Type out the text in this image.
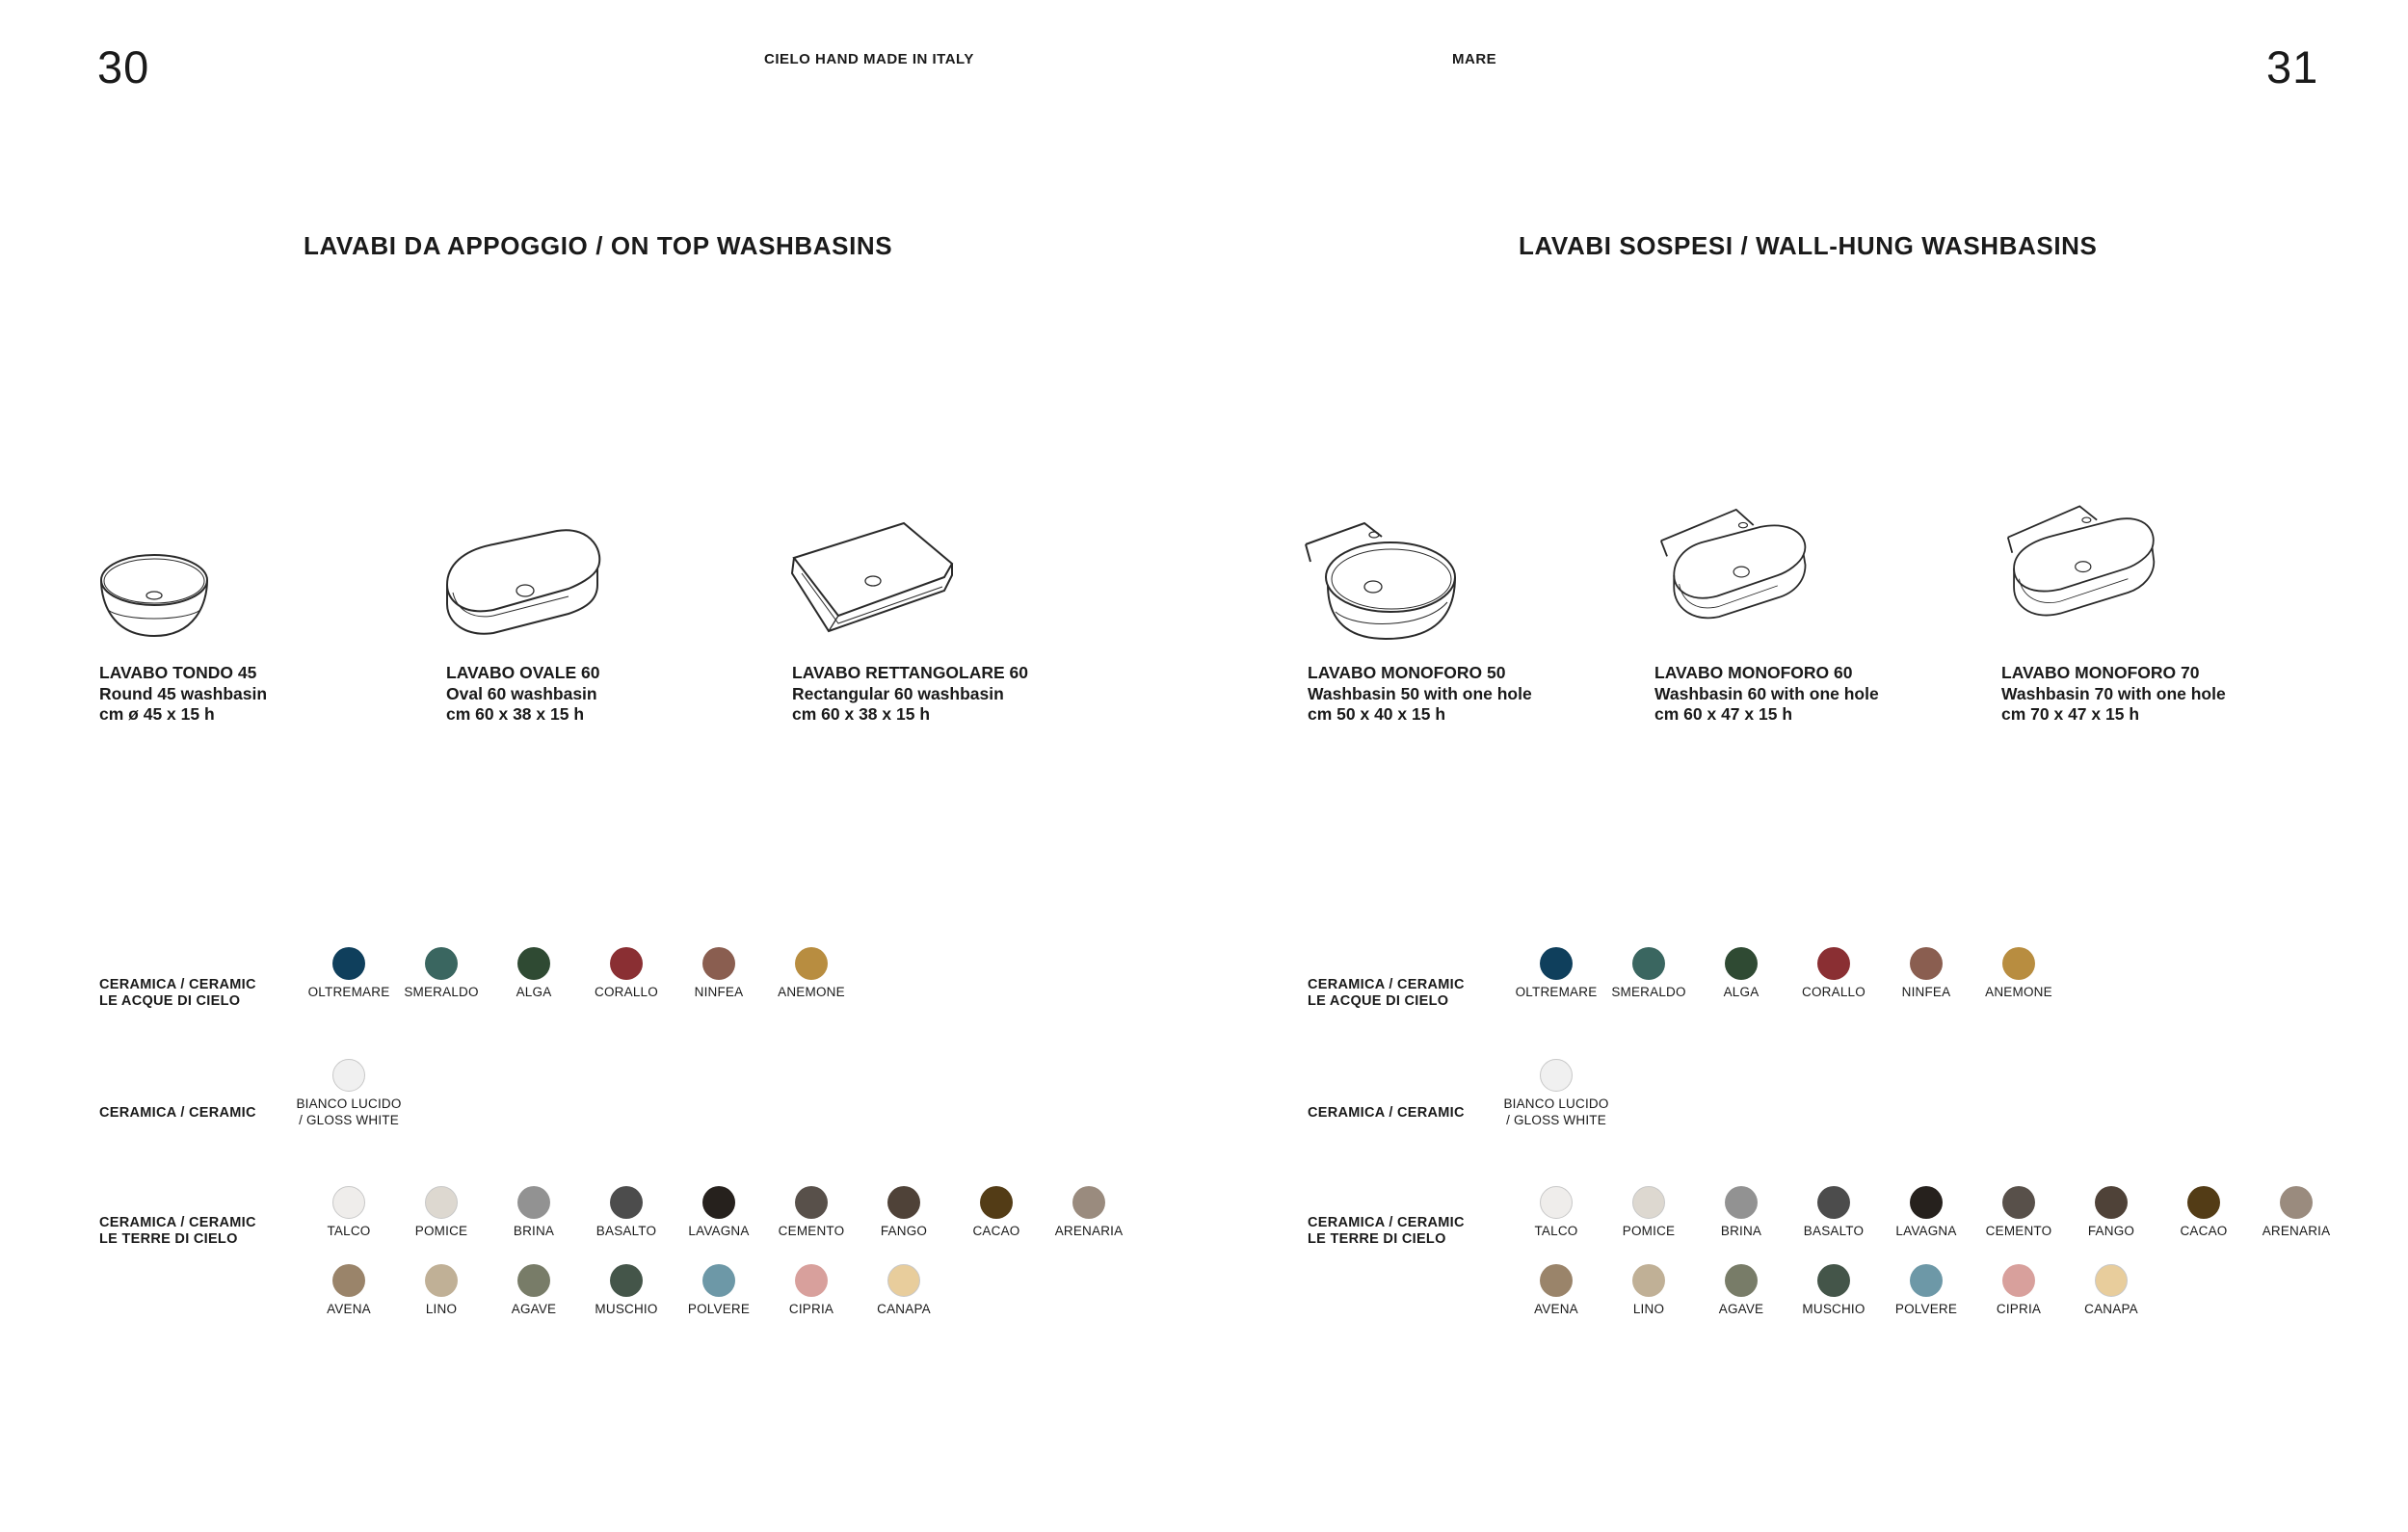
30	CIELO HAND MADE IN ITALY	MARE	31
LAVABI DA APPOGGIO / ON TOP WASHBASINS	LAVABI SOSPESI / WALL-HUNG WASHBASINS
LAVABO TONDO 45
Round 45 washbasin
cm ø 45 x 15 h
LAVABO OVALE 60
Oval 60 washbasin
cm 60 x 38 x 15 h
LAVABO RETTANGOLARE 60
Rectangular 60 washbasin
cm 60 x 38 x 15 h
LAVABO MONOFORO 50
Washbasin 50 with one hole
cm 50 x 40 x 15 h
LAVABO MONOFORO 60
Washbasin 60 with one hole
cm 60 x 47 x 15 h
LAVABO MONOFORO 70
Washbasin 70 with one hole
cm 70 x 47 x 15 h
CERAMICA / CERAMIC
LE ACQUE DI CIELO
CERAMICA / CERAMIC
CERAMICA / CERAMIC
LE TERRE DI CIELO
CERAMICA / CERAMIC
LE ACQUE DI CIELO
CERAMICA / CERAMIC
CERAMICA / CERAMIC
LE TERRE DI CIELO
OLTREMARE	SMERALDO	ALGA	CORALLO	NINFEA	ANEMONE
BIANCO LUCIDO
/ GLOSS WHITE
TALCO	POMICE	BRINA	BASALTO	LAVAGNA	CEMENTO	FANGO	CACAO	ARENARIA
AVENA	LINO	AGAVE	MUSCHIO	POLVERE	CIPRIA	CANAPA
OLTREMARE	SMERALDO	ALGA	CORALLO	NINFEA	ANEMONE
BIANCO LUCIDO
/ GLOSS WHITE
TALCO	POMICE	BRINA	BASALTO	LAVAGNA	CEMENTO	FANGO	CACAO	ARENARIA
AVENA	LINO	AGAVE	MUSCHIO	POLVERE	CIPRIA	CANAPA
